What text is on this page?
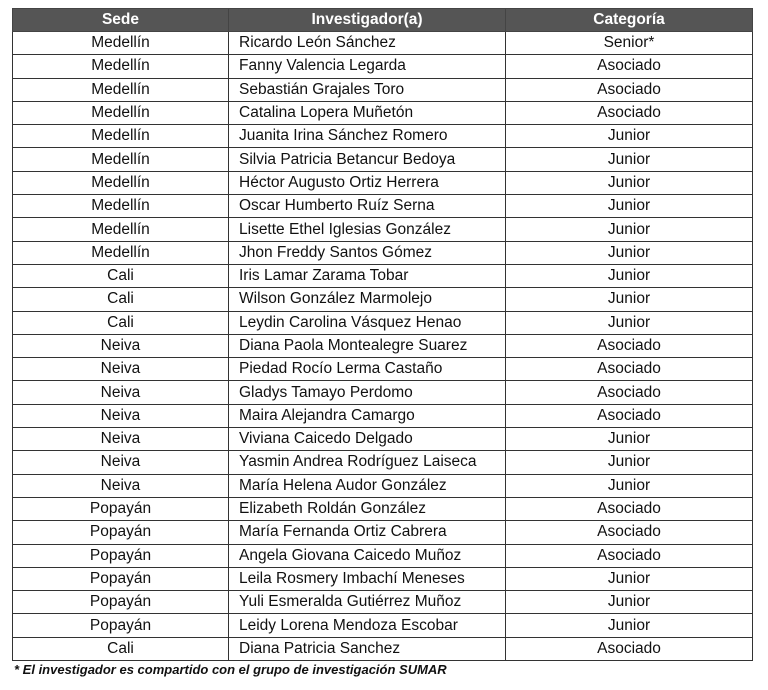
Sede	Investigador(a)	Categoría
Medellín	Ricardo León Sánchez	Senior*
Medellín	Fanny Valencia Legarda	Asociado
Medellín	Sebastián Grajales Toro	Asociado
Medellín	Catalina Lopera Muñetón	Asociado
Medellín	Juanita Irina Sánchez Romero	Junior
Medellín	Silvia Patricia Betancur Bedoya	Junior
Medellín	Héctor Augusto Ortiz Herrera	Junior
Medellín	Oscar Humberto Ruíz Serna	Junior
Medellín	Lisette Ethel Iglesias González	Junior
Medellín	Jhon Freddy Santos Gómez	Junior
Cali	Iris Lamar Zarama Tobar	Junior
Cali	Wilson González Marmolejo	Junior
Cali	Leydin Carolina Vásquez Henao	Junior
Neiva	Diana Paola Montealegre Suarez	Asociado
Neiva	Piedad Rocío Lerma Castaño	Asociado
Neiva	Gladys Tamayo Perdomo	Asociado
Neiva	Maira Alejandra Camargo	Asociado
Neiva	Viviana Caicedo Delgado	Junior
Neiva	Yasmin Andrea Rodríguez Laiseca	Junior
Neiva	María Helena Audor González	Junior
Popayán	Elizabeth Roldán González	Asociado
Popayán	María Fernanda Ortiz Cabrera	Asociado
Popayán	Angela Giovana Caicedo Muñoz	Asociado
Popayán	Leila Rosmery Imbachí Meneses	Junior
Popayán	Yuli Esmeralda Gutiérrez Muñoz	Junior
Popayán	Leidy Lorena Mendoza Escobar	Junior
Cali	Diana Patricia Sanchez	Asociado
* El investigador es compartido con el grupo de investigación SUMAR
